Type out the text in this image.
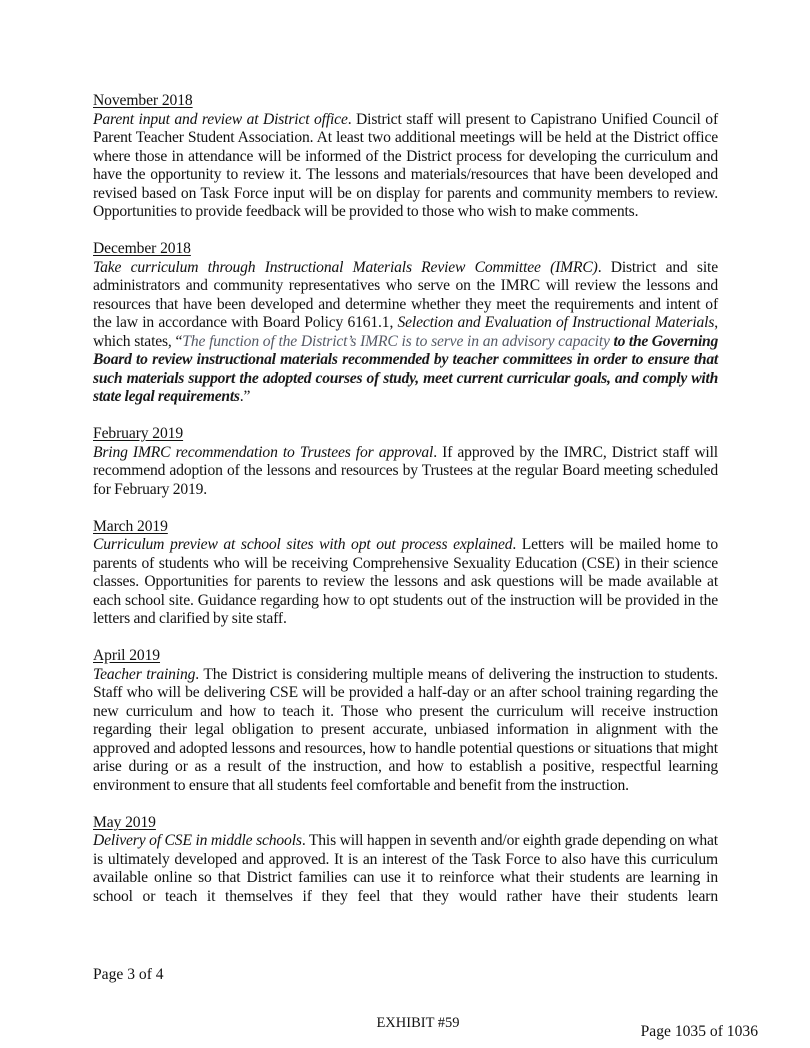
November 2018

Parent input and review at District office. District staff will present to Capistrano Unified Council of Parent Teacher Student Association. At least two additional meetings will be held at the District office where those in attendance will be informed of the District process for developing the curriculum and have the opportunity to review it. The lessons and materials/resources that have been developed and revised based on Task Force input will be on display for parents and community members to review. Opportunities to provide feedback will be provided to those who wish to make comments.

December 2018

Take curriculum through Instructional Materials Review Committee (IMRC). District and site administrators and community representatives who serve on the IMRC will review the lessons and resources that have been developed and determine whether they meet the requirements and intent of the law in accordance with Board Policy 6161.1, Selection and Evaluation of Instructional Materials, which states, “The function of the District’s IMRC is to serve in an advisory capacity to the Governing Board to review instructional materials recommended by teacher committees in order to ensure that such materials support the adopted courses of study, meet current curricular goals, and comply with state legal requirements.”

February 2019

Bring IMRC recommendation to Trustees for approval. If approved by the IMRC, District staff will recommend adoption of the lessons and resources by Trustees at the regular Board meeting scheduled for February 2019.

March 2019

Curriculum preview at school sites with opt out process explained. Letters will be mailed home to parents of students who will be receiving Comprehensive Sexuality Education (CSE) in their science classes. Opportunities for parents to review the lessons and ask questions will be made available at each school site. Guidance regarding how to opt students out of the instruction will be provided in the letters and clarified by site staff.

April 2019

Teacher training. The District is considering multiple means of delivering the instruction to students. Staff who will be delivering CSE will be provided a half-day or an after school training regarding the new curriculum and how to teach it. Those who present the curriculum will receive instruction regarding their legal obligation to present accurate, unbiased information in alignment with the approved and adopted lessons and resources, how to handle potential questions or situations that might arise during or as a result of the instruction, and how to establish a positive, respectful learning environment to ensure that all students feel comfortable and benefit from the instruction.

May 2019

Delivery of CSE in middle schools. This will happen in seventh and/or eighth grade depending on what is ultimately developed and approved. It is an interest of the Task Force to also have this curriculum available online so that District families can use it to reinforce what their students are learning in school or teach it themselves if they feel that they would rather have their students learn

Page 3 of 4
EXHIBIT #59	Page 1035 of 1036
